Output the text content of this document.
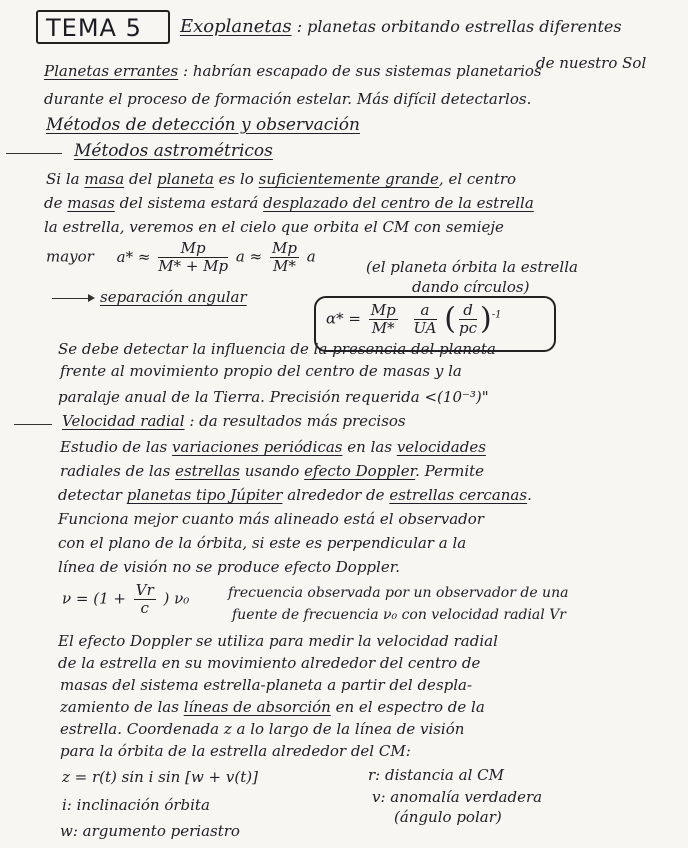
TEMA 5 Exoplanetas : planetas orbitando estrellas diferentes
de nuestro Sol
Planetas errantes : habrían escapado de sus sistemas planetarios
durante el proceso de formación estelar. Más difícil detectarlos.
Métodos de detección y observación
Métodos astrométricos
Si la masa del planeta es lo suficientemente grande, el centro
de masas del sistema estará desplazado del centro de la estrella
la estrella, veremos en el cielo que orbita el CM con semieje
mayor $a* \approx \frac{Mp}{M* + Mp}$ $a \approx \frac{Mp}{M*}$ a
(el planeta órbita la estrella
dando círculos)
separación angular
$\alpha* = \frac{Mp}{M*}$
$\frac{a}{UA}$ ( $\frac{d}{pc} )^{-1}$
Se debe detectar la influencia de la presencia del planeta
frente al movimiento propio del centro de masas y la
paralaje anual de la Tierra. Precisión requerida <(10⁻³)"
Velocidad radial : da resultados más precisos
Estudio de las variaciones periódicas en las velocidades
radiales de las estrellas usando efecto Doppler. Permite
detectar planetas tipo Júpiter alrededor de estrellas cercanas.
Funciona mejor cuanto más alineado está el observador
con el plano de la órbita, si este es perpendicular a la
línea de visión no se produce efecto Doppler.
$\nu = (1 + \frac{Vr}{c}$ ) ν₀	frecuencia observada por un observador de una
fuente de frecuencia ν₀ con velocidad radial Vr
El efecto Doppler se utiliza para medir la velocidad radial
de la estrella en su movimiento alrededor del centro de
masas del sistema estrella-planeta a partir del despla-
zamiento de las líneas de absorción en el espectro de la
estrella. Coordenada z a lo largo de la línea de visión
para la órbita de la estrella alrededor del CM:
z = r(t) sin i sin [w + v(t)]	r: distancia al CM
v: anomalía verdadera
(ángulo polar)
i: inclinación órbita
w: argumento periastro
